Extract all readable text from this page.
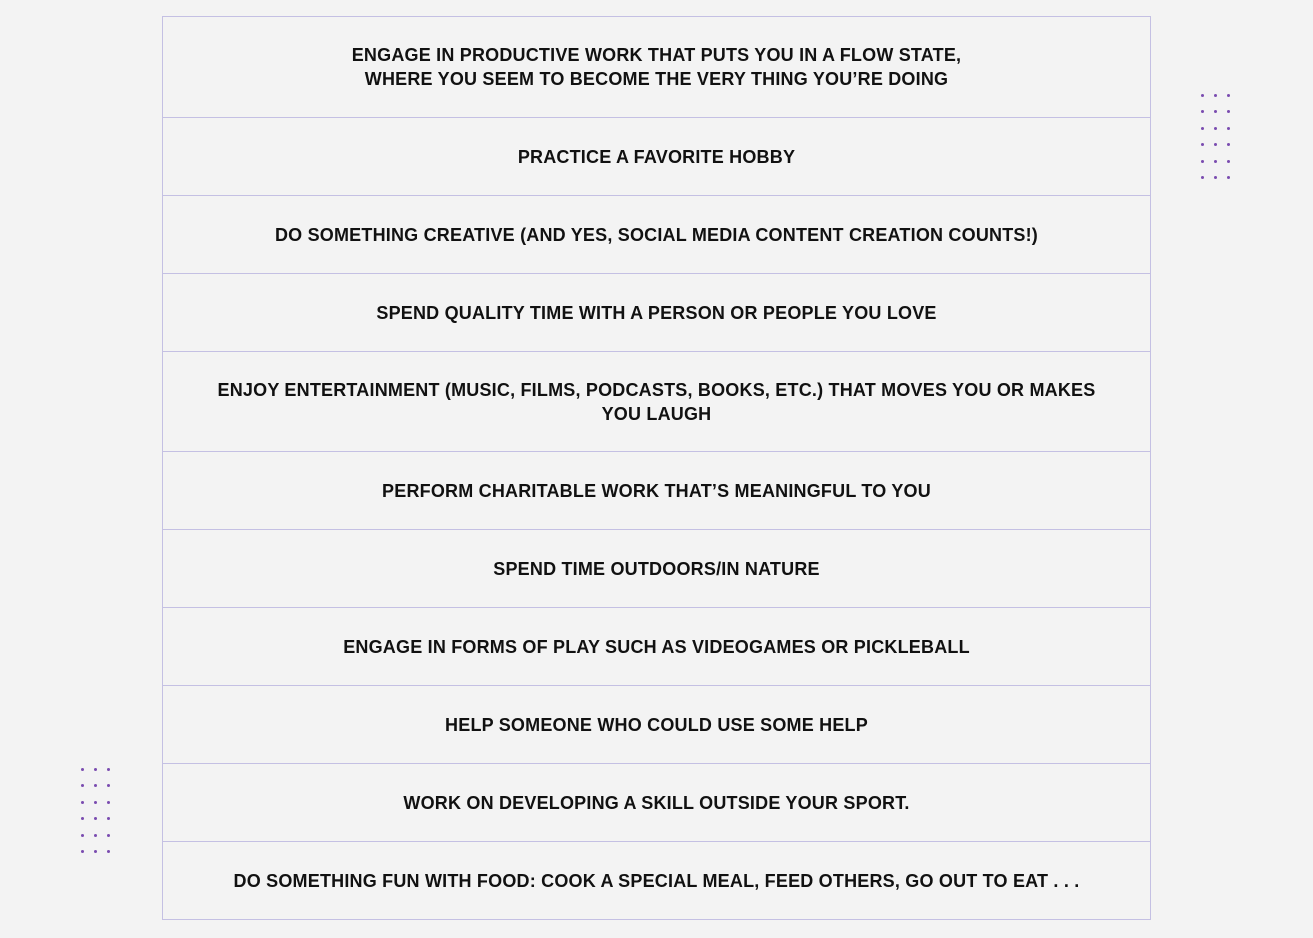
ENGAGE IN PRODUCTIVE WORK THAT PUTS YOU IN A FLOW STATE,
WHERE YOU SEEM TO BECOME THE VERY THING YOU’RE DOING
PRACTICE A FAVORITE HOBBY
DO SOMETHING CREATIVE (AND YES, SOCIAL MEDIA CONTENT CREATION COUNTS!)
SPEND QUALITY TIME WITH A PERSON OR PEOPLE YOU LOVE
ENJOY ENTERTAINMENT (MUSIC, FILMS, PODCASTS, BOOKS, ETC.) THAT MOVES YOU OR MAKES
YOU LAUGH
PERFORM CHARITABLE WORK THAT’S MEANINGFUL TO YOU
SPEND TIME OUTDOORS/IN NATURE
ENGAGE IN FORMS OF PLAY SUCH AS VIDEOGAMES OR PICKLEBALL
HELP SOMEONE WHO COULD USE SOME HELP
WORK ON DEVELOPING A SKILL OUTSIDE YOUR SPORT.
DO SOMETHING FUN WITH FOOD: COOK A SPECIAL MEAL, FEED OTHERS, GO OUT TO EAT . . .
